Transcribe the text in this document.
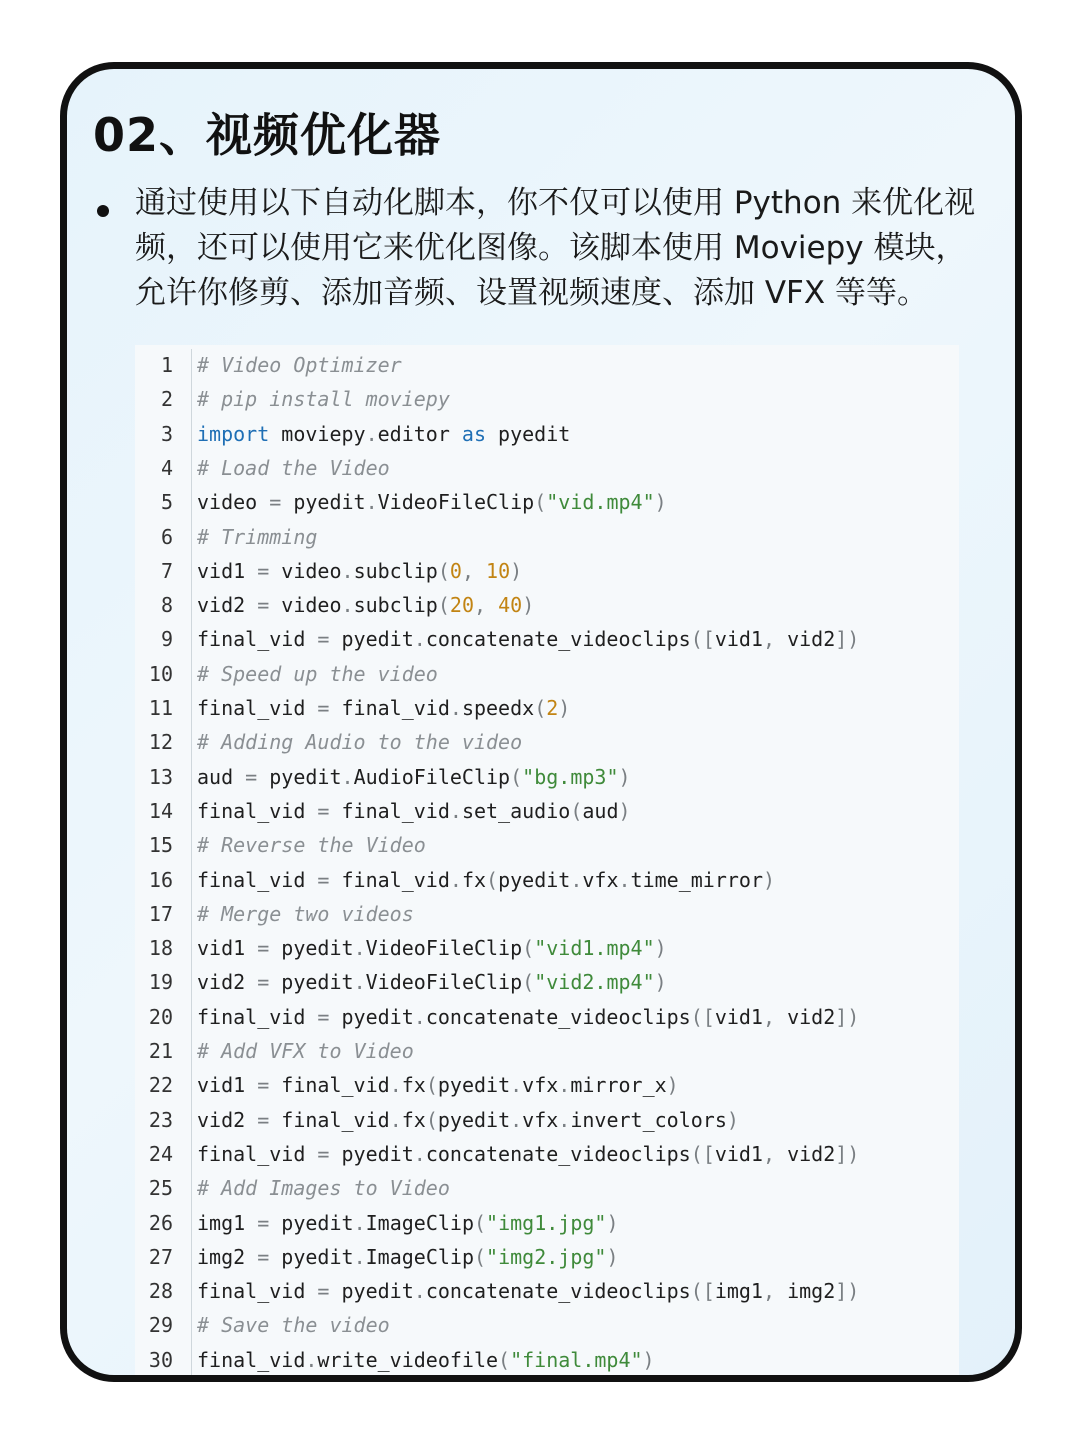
02、视频优化器
通过使用以下自动化脚本，你不仅可以使用 Python 来优化视频，还可以使用它来优化图像。该脚本使用 Moviepy 模块，允许你修剪、添加音频、设置视频速度、添加 VFX 等等。
1 # Video Optimizer
2 # pip install moviepy
3 import moviepy.editor as pyedit
4 # Load the Video
5 video = pyedit.VideoFileClip("vid.mp4")
6 # Trimming
7 vid1 = video.subclip(0, 10)
8 vid2 = video.subclip(20, 40)
9 final_vid = pyedit.concatenate_videoclips([vid1, vid2])
10 # Speed up the video
11 final_vid = final_vid.speedx(2)
12 # Adding Audio to the video
13 aud = pyedit.AudioFileClip("bg.mp3")
14 final_vid = final_vid.set_audio(aud)
15 # Reverse the Video
16 final_vid = final_vid.fx(pyedit.vfx.time_mirror)
17 # Merge two videos
18 vid1 = pyedit.VideoFileClip("vid1.mp4")
19 vid2 = pyedit.VideoFileClip("vid2.mp4")
20 final_vid = pyedit.concatenate_videoclips([vid1, vid2])
21 # Add VFX to Video
22 vid1 = final_vid.fx(pyedit.vfx.mirror_x)
23 vid2 = final_vid.fx(pyedit.vfx.invert_colors)
24 final_vid = pyedit.concatenate_videoclips([vid1, vid2])
25 # Add Images to Video
26 img1 = pyedit.ImageClip("img1.jpg")
27 img2 = pyedit.ImageClip("img2.jpg")
28 final_vid = pyedit.concatenate_videoclips([img1, img2])
29 # Save the video
30 final_vid.write_videofile("final.mp4")
